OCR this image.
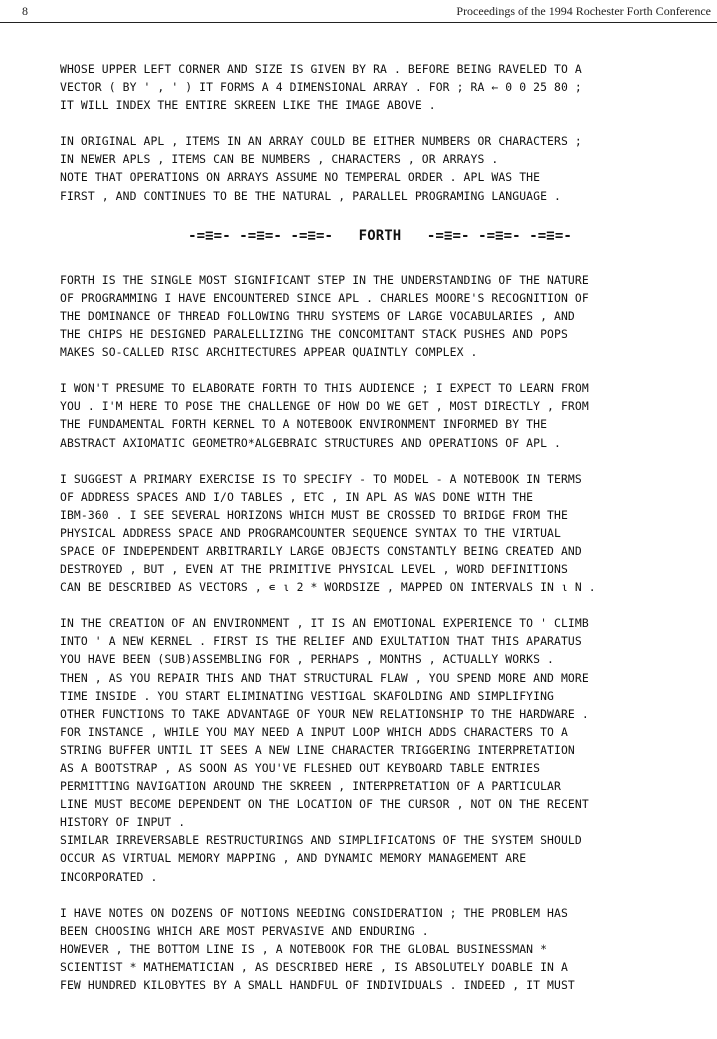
8	Proceedings of the 1994 Rochester Forth Conference

WHOSE UPPER LEFT CORNER AND SIZE IS GIVEN BY RA . BEFORE BEING RAVELED TO A
VECTOR ( BY ' , ' ) IT FORMS A 4 DIMENSIONAL ARRAY . FOR ; RA ← 0 0 25 80 ;
IT WILL INDEX THE ENTIRE SKREEN LIKE THE IMAGE ABOVE .

IN ORIGINAL APL , ITEMS IN AN ARRAY COULD BE EITHER NUMBERS OR CHARACTERS ;
IN NEWER APLS , ITEMS CAN BE NUMBERS , CHARACTERS , OR ARRAYS .
NOTE THAT OPERATIONS ON ARRAYS ASSUME NO TEMPERAL ORDER . APL WAS THE
FIRST , AND CONTINUES TO BE THE NATURAL , PARALLEL PROGRAMING LANGUAGE .

-=≡=- -=≡=- -=≡=-   FORTH   -=≡=- -=≡=- -=≡=-

FORTH IS THE SINGLE MOST SIGNIFICANT STEP IN THE UNDERSTANDING OF THE NATURE
OF PROGRAMMING I HAVE ENCOUNTERED SINCE APL . CHARLES MOORE'S RECOGNITION OF
THE DOMINANCE OF THREAD FOLLOWING THRU SYSTEMS OF LARGE VOCABULARIES , AND
THE CHIPS HE DESIGNED PARALELLIZING THE CONCOMITANT STACK PUSHES AND POPS
MAKES SO-CALLED RISC ARCHITECTURES APPEAR QUAINTLY COMPLEX .

I WON'T PRESUME TO ELABORATE FORTH TO THIS AUDIENCE ; I EXPECT TO LEARN FROM
YOU . I'M HERE TO POSE THE CHALLENGE OF HOW DO WE GET , MOST DIRECTLY , FROM
THE FUNDAMENTAL FORTH KERNEL TO A NOTEBOOK ENVIRONMENT INFORMED BY THE
ABSTRACT AXIOMATIC GEOMETRO*ALGEBRAIC STRUCTURES AND OPERATIONS OF APL .

I SUGGEST A PRIMARY EXERCISE IS TO SPECIFY - TO MODEL - A NOTEBOOK IN TERMS
OF ADDRESS SPACES AND I/O TABLES , ETC , IN APL AS WAS DONE WITH THE
IBM-360 . I SEE SEVERAL HORIZONS WHICH MUST BE CROSSED TO BRIDGE FROM THE
PHYSICAL ADDRESS SPACE AND PROGRAMCOUNTER SEQUENCE SYNTAX TO THE VIRTUAL
SPACE OF INDEPENDENT ARBITRARILY LARGE OBJECTS CONSTANTLY BEING CREATED AND
DESTROYED , BUT , EVEN AT THE PRIMITIVE PHYSICAL LEVEL , WORD DEFINITIONS
CAN BE DESCRIBED AS VECTORS , ∊ ⍳ 2 * WORDSIZE , MAPPED ON INTERVALS IN ⍳ N .

IN THE CREATION OF AN ENVIRONMENT , IT IS AN EMOTIONAL EXPERIENCE TO ' CLIMB
INTO ' A NEW KERNEL . FIRST IS THE RELIEF AND EXULTATION THAT THIS APARATUS
YOU HAVE BEEN (SUB)ASSEMBLING FOR , PERHAPS , MONTHS , ACTUALLY WORKS .
THEN , AS YOU REPAIR THIS AND THAT STRUCTURAL FLAW , YOU SPEND MORE AND MORE
TIME INSIDE . YOU START ELIMINATING VESTIGAL SKAFOLDING AND SIMPLIFYING
OTHER FUNCTIONS TO TAKE ADVANTAGE OF YOUR NEW RELATIONSHIP TO THE HARDWARE .
FOR INSTANCE , WHILE YOU MAY NEED A INPUT LOOP WHICH ADDS CHARACTERS TO A
STRING BUFFER UNTIL IT SEES A NEW LINE CHARACTER TRIGGERING INTERPRETATION
AS A BOOTSTRAP , AS SOON AS YOU'VE FLESHED OUT KEYBOARD TABLE ENTRIES
PERMITTING NAVIGATION AROUND THE SKREEN , INTERPRETATION OF A PARTICULAR
LINE MUST BECOME DEPENDENT ON THE LOCATION OF THE CURSOR , NOT ON THE RECENT
HISTORY OF INPUT .
SIMILAR IRREVERSABLE RESTRUCTURINGS AND SIMPLIFICATONS OF THE SYSTEM SHOULD
OCCUR AS VIRTUAL MEMORY MAPPING , AND DYNAMIC MEMORY MANAGEMENT ARE
INCORPORATED .

I HAVE NOTES ON DOZENS OF NOTIONS NEEDING CONSIDERATION ; THE PROBLEM HAS
BEEN CHOOSING WHICH ARE MOST PERVASIVE AND ENDURING .
HOWEVER , THE BOTTOM LINE IS , A NOTEBOOK FOR THE GLOBAL BUSINESSMAN *
SCIENTIST * MATHEMATICIAN , AS DESCRIBED HERE , IS ABSOLUTELY DOABLE IN A
FEW HUNDRED KILOBYTES BY A SMALL HANDFUL OF INDIVIDUALS . INDEED , IT MUST
